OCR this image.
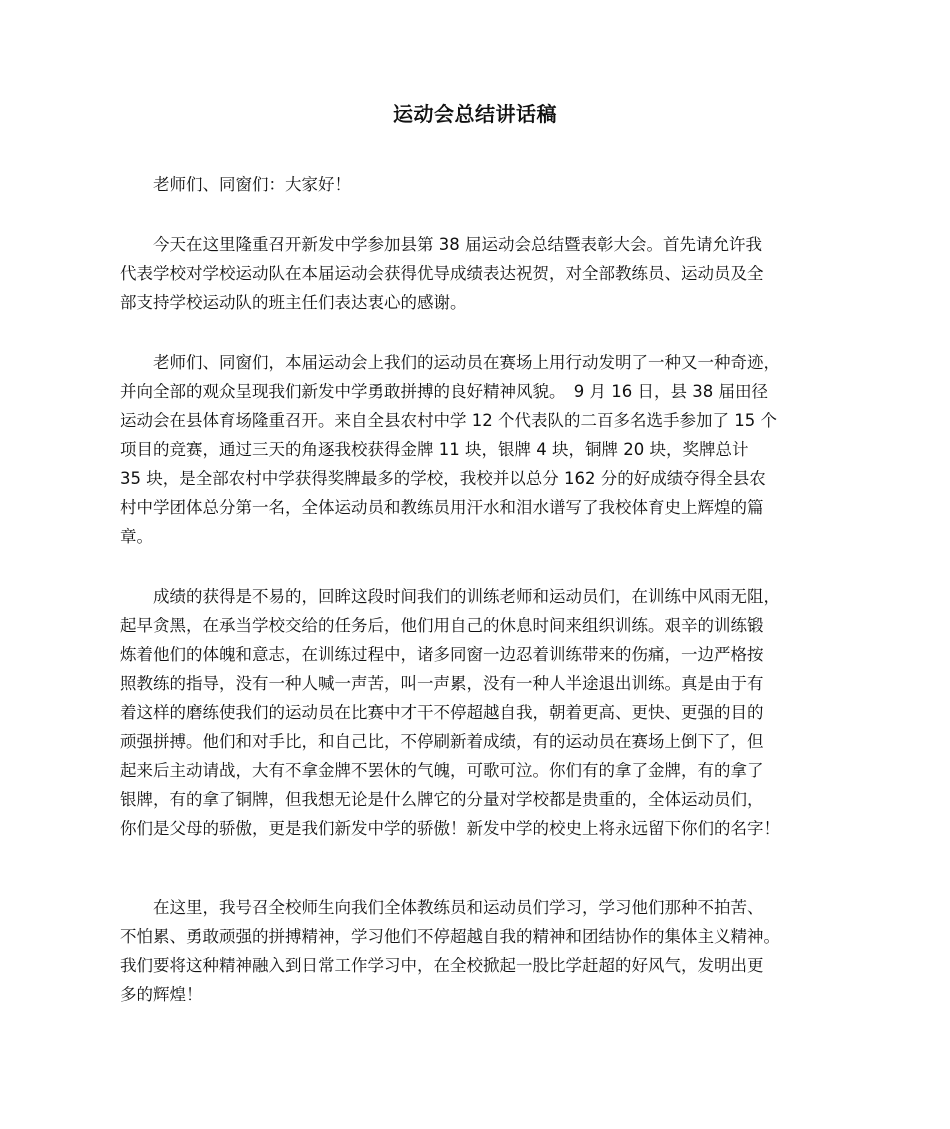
运动会总结讲话稿

　　老师们、同窗们：大家好！

　　今天在这里隆重召开新发中学参加县第 38 届运动会总结暨表彰大会。首先请允许我
代表学校对学校运动队在本届运动会获得优导成绩表达祝贺，对全部教练员、运动员及全
部支持学校运动队的班主任们表达衷心的感谢。

　　老师们、同窗们，本届运动会上我们的运动员在赛场上用行动发明了一种又一种奇迹，
并向全部的观众呈现我们新发中学勇敢拼搏的良好精神风貌。　9 月 16 日，县 38 届田径
运动会在县体育场隆重召开。来自全县农村中学 12 个代表队的二百多名选手参加了 15 个
项目的竞赛，通过三天的角逐我校获得金牌 11 块，银牌 4 块，铜牌 20 块，奖牌总计
35 块，是全部农村中学获得奖牌最多的学校，我校并以总分 162 分的好成绩夺得全县农
村中学团体总分第一名，全体运动员和教练员用汗水和泪水谱写了我校体育史上辉煌的篇
章。

　　成绩的获得是不易的，回眸这段时间我们的训练老师和运动员们，在训练中风雨无阻，
起早贪黑，在承当学校交给的任务后，他们用自己的休息时间来组织训练。艰辛的训练锻
炼着他们的体魄和意志，在训练过程中，诸多同窗一边忍着训练带来的伤痛，一边严格按
照教练的指导，没有一种人喊一声苦，叫一声累，没有一种人半途退出训练。真是由于有
着这样的磨练使我们的运动员在比赛中才干不停超越自我，朝着更高、更快、更强的目的
顽强拼搏。他们和对手比，和自己比，不停刷新着成绩，有的运动员在赛场上倒下了，但
起来后主动请战，大有不拿金牌不罢休的气魄，可歌可泣。你们有的拿了金牌，有的拿了
银牌，有的拿了铜牌，但我想无论是什么牌它的分量对学校都是贵重的，全体运动员们，
你们是父母的骄傲，更是我们新发中学的骄傲！新发中学的校史上将永远留下你们的名字！

　　在这里，我号召全校师生向我们全体教练员和运动员们学习，学习他们那种不拍苦、
不怕累、勇敢顽强的拼搏精神，学习他们不停超越自我的精神和团结协作的集体主义精神。
我们要将这种精神融入到日常工作学习中，在全校掀起一股比学赶超的好风气，发明出更
多的辉煌！
